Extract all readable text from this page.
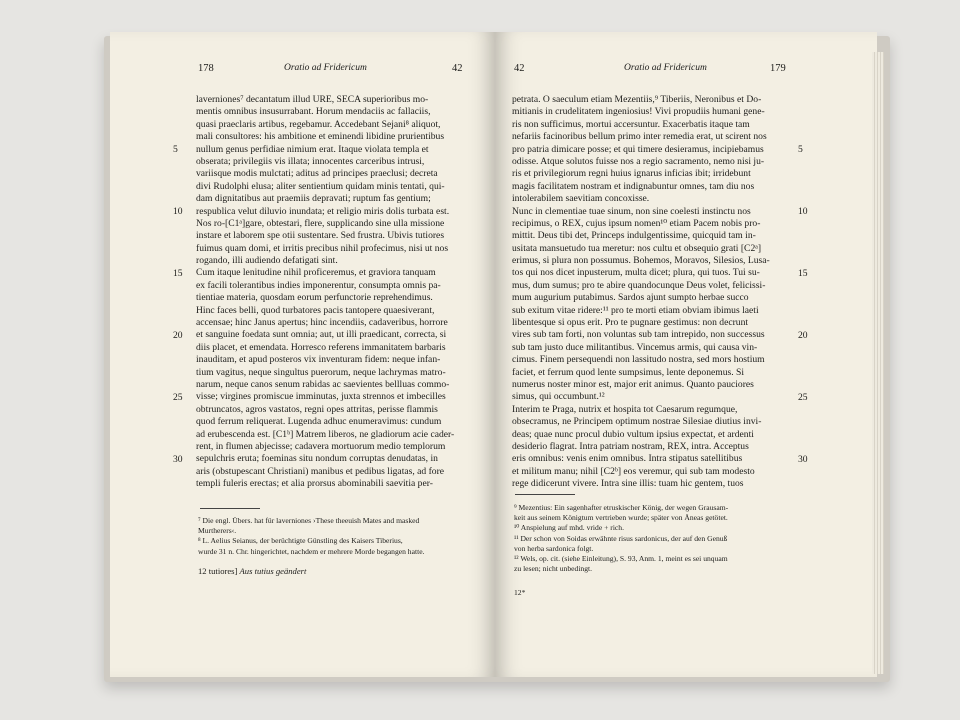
178	Oratio ad Fridericum	42
laverniones⁷ decantatum illud URE, SECA superioribus mo-
mentis omnibus insusurrabant. Horum mendaciis ac fallaciis,
quasi praeclaris artibus, regebamur. Accedebant Sejani⁸ aliquot,
mali consultores: his ambitione et eminendi libidine prurientibus
nullum genus perfidiae nimium erat. Itaque violata templa et
obserata; privilegiis vis illata; innocentes carceribus intrusi,
variisque modis mulctati; aditus ad principes praeclusi; decreta
divi Rudolphi elusa; aliter sentientium quidam minis tentati, qui-
dam dignitatibus aut praemiis depravati; ruptum fas gentium;
respublica velut diluvio inundata; et religio miris dolis turbata est.
Nos ro-[C1ᵃ]gare, obtestari, flere, supplicando sine ulla missione
instare et laborem spe otii sustentare. Sed frustra. Ubivis tutiores
fuimus quam domi, et irritis precibus nihil profecimus, nisi ut nos
rogando, illi audiendo defatigati sint.
Cum itaque lenitudine nihil proficeremus, et graviora tanquam
ex facili tolerantibus indies imponerentur, consumpta omnis pa-
tientiae materia, quosdam eorum perfunctorie reprehendimus.
Hinc faces belli, quod turbatores pacis tantopere quaesiverant,
accensae; hinc Janus apertus; hinc incendiis, cadaveribus, horrore
et sanguine foedata sunt omnia; aut, ut illi praedicant, correcta, si
diis placet, et emendata. Horresco referens immanitatem barbaris
inauditam, et apud posteros vix inventuram fidem: neque infan-
tium vagitus, neque singultus puerorum, neque lachrymas matro-
narum, neque canos senum rabidas ac saevientes bellluas commo-
visse; virgines promiscue imminutas, juxta strennos et imbecilles
obtruncatos, agros vastatos, regni opes attritas, perisse flammis
quod ferrum reliquerat. Lugenda adhuc enumeravimus: cundum
ad erubescenda est. [C1ᵇ] Matrem liberos, ne gladiorum acie cader-
rent, in flumen abjecisse; cadavera mortuorum medio templorum
sepulchris eruta; foeminas situ nondum corruptas denudatas, in
aris (obstupescant Christiani) manibus et pedibus ligatas, ad fore
templi fuleris erectas; et alia prorsus abominabili saevitia per-
5
10
15
20
25
30
⁷ Die engl. Übers. hat für laverniones ›These theeuish Mates and masked
Murtherers‹.
⁸ L. Aelius Seianus, der berüchtigte Günstling des Kaisers Tiberius,
wurde 31 n. Chr. hingerichtet, nachdem er mehrere Morde begangen hatte.
12 tutiores] Aus tutius geändert
42	Oratio ad Fridericum	179
petrata. O saeculum etiam Mezentiis,⁹ Tiberiis, Neronibus et Do-
mitianis in crudelitatem ingeniosius! Vivi propudiis humani gene-
ris non sufficimus, mortui accersuntur. Exacerbatis itaque tam
nefariis facinoribus bellum primo inter remedia erat, ut scirent nos
pro patria dimicare posse; et qui timere desieramus, incipiebamus
odisse. Atque solutos fuisse nos a regio sacramento, nemo nisi ju-
ris et privilegiorum regni huius ignarus inficias ibit; irridebunt
magis facilitatem nostram et indignabuntur omnes, tam diu nos
intolerabilem saevitiam concoxisse.
Nunc in clementiae tuae sinum, non sine coelesti instinctu nos
recipimus, o REX, cujus ipsum nomen¹⁰ etiam Pacem nobis pro-
mittit. Deus tibi det, Princeps indulgentissime, quicquid tam in-
usitata mansuetudo tua meretur: nos cultu et obsequio grati [C2ᵃ]
erimus, si plura non possumus. Bohemos, Moravos, Silesios, Lusa-
tos qui nos dicet inpusterum, multa dicet; plura, qui tuos. Tui su-
mus, dum sumus; pro te abire quandocunque Deus volet, felicissi-
mum augurium putabimus. Sardos ajunt sumpto herbae succo
sub exitum vitae ridere:¹¹ pro te morti etiam obviam ibimus laeti
libentesque si opus erit. Pro te pugnare gestimus: non decrunt
vires sub tam forti, non voluntas sub tam intrepido, non successus
sub tam justo duce militantibus. Vincemus armis, qui causa vin-
cimus. Finem persequendi non lassitudo nostra, sed mors hostium
faciet, et ferrum quod lente sumpsimus, lente deponemus. Si
numerus noster minor est, major erit animus. Quanto pauciores
simus, qui occumbunt.¹²
Interim te Praga, nutrix et hospita tot Caesarum regumque,
obsecramus, ne Principem optimum nostrae Silesiae diutius invi-
deas; quae nunc procul dubio vultum ipsius expectat, et ardenti
desiderio flagrat. Intra patriam nostram, REX, intra. Acceptus
eris omnibus: venis enim omnibus. Intra stipatus satellitibus
et militum manu; nihil [C2ᵇ] eos veremur, qui sub tam modesto
rege didicerunt vivere. Intra sine illis: tuam hic gentem, tuos
5
10
15
20
25
30
⁹ Mezentius: Ein sagenhafter etruskischer König, der wegen Grausam-
keit aus seinem Königtum vertrieben wurde; später von Äneas getötet.
¹⁰ Anspielung auf mhd. vride + rich.
¹¹ Der schon von Soidas erwähnte risus sardonicus, der auf den Genuß
von herba sardonica folgt.
¹² Wels, op. cit. (siehe Einleitung), S. 93, Anm. 1, meint es sei unquam
zu lesen; nicht unbedingt.
12*
